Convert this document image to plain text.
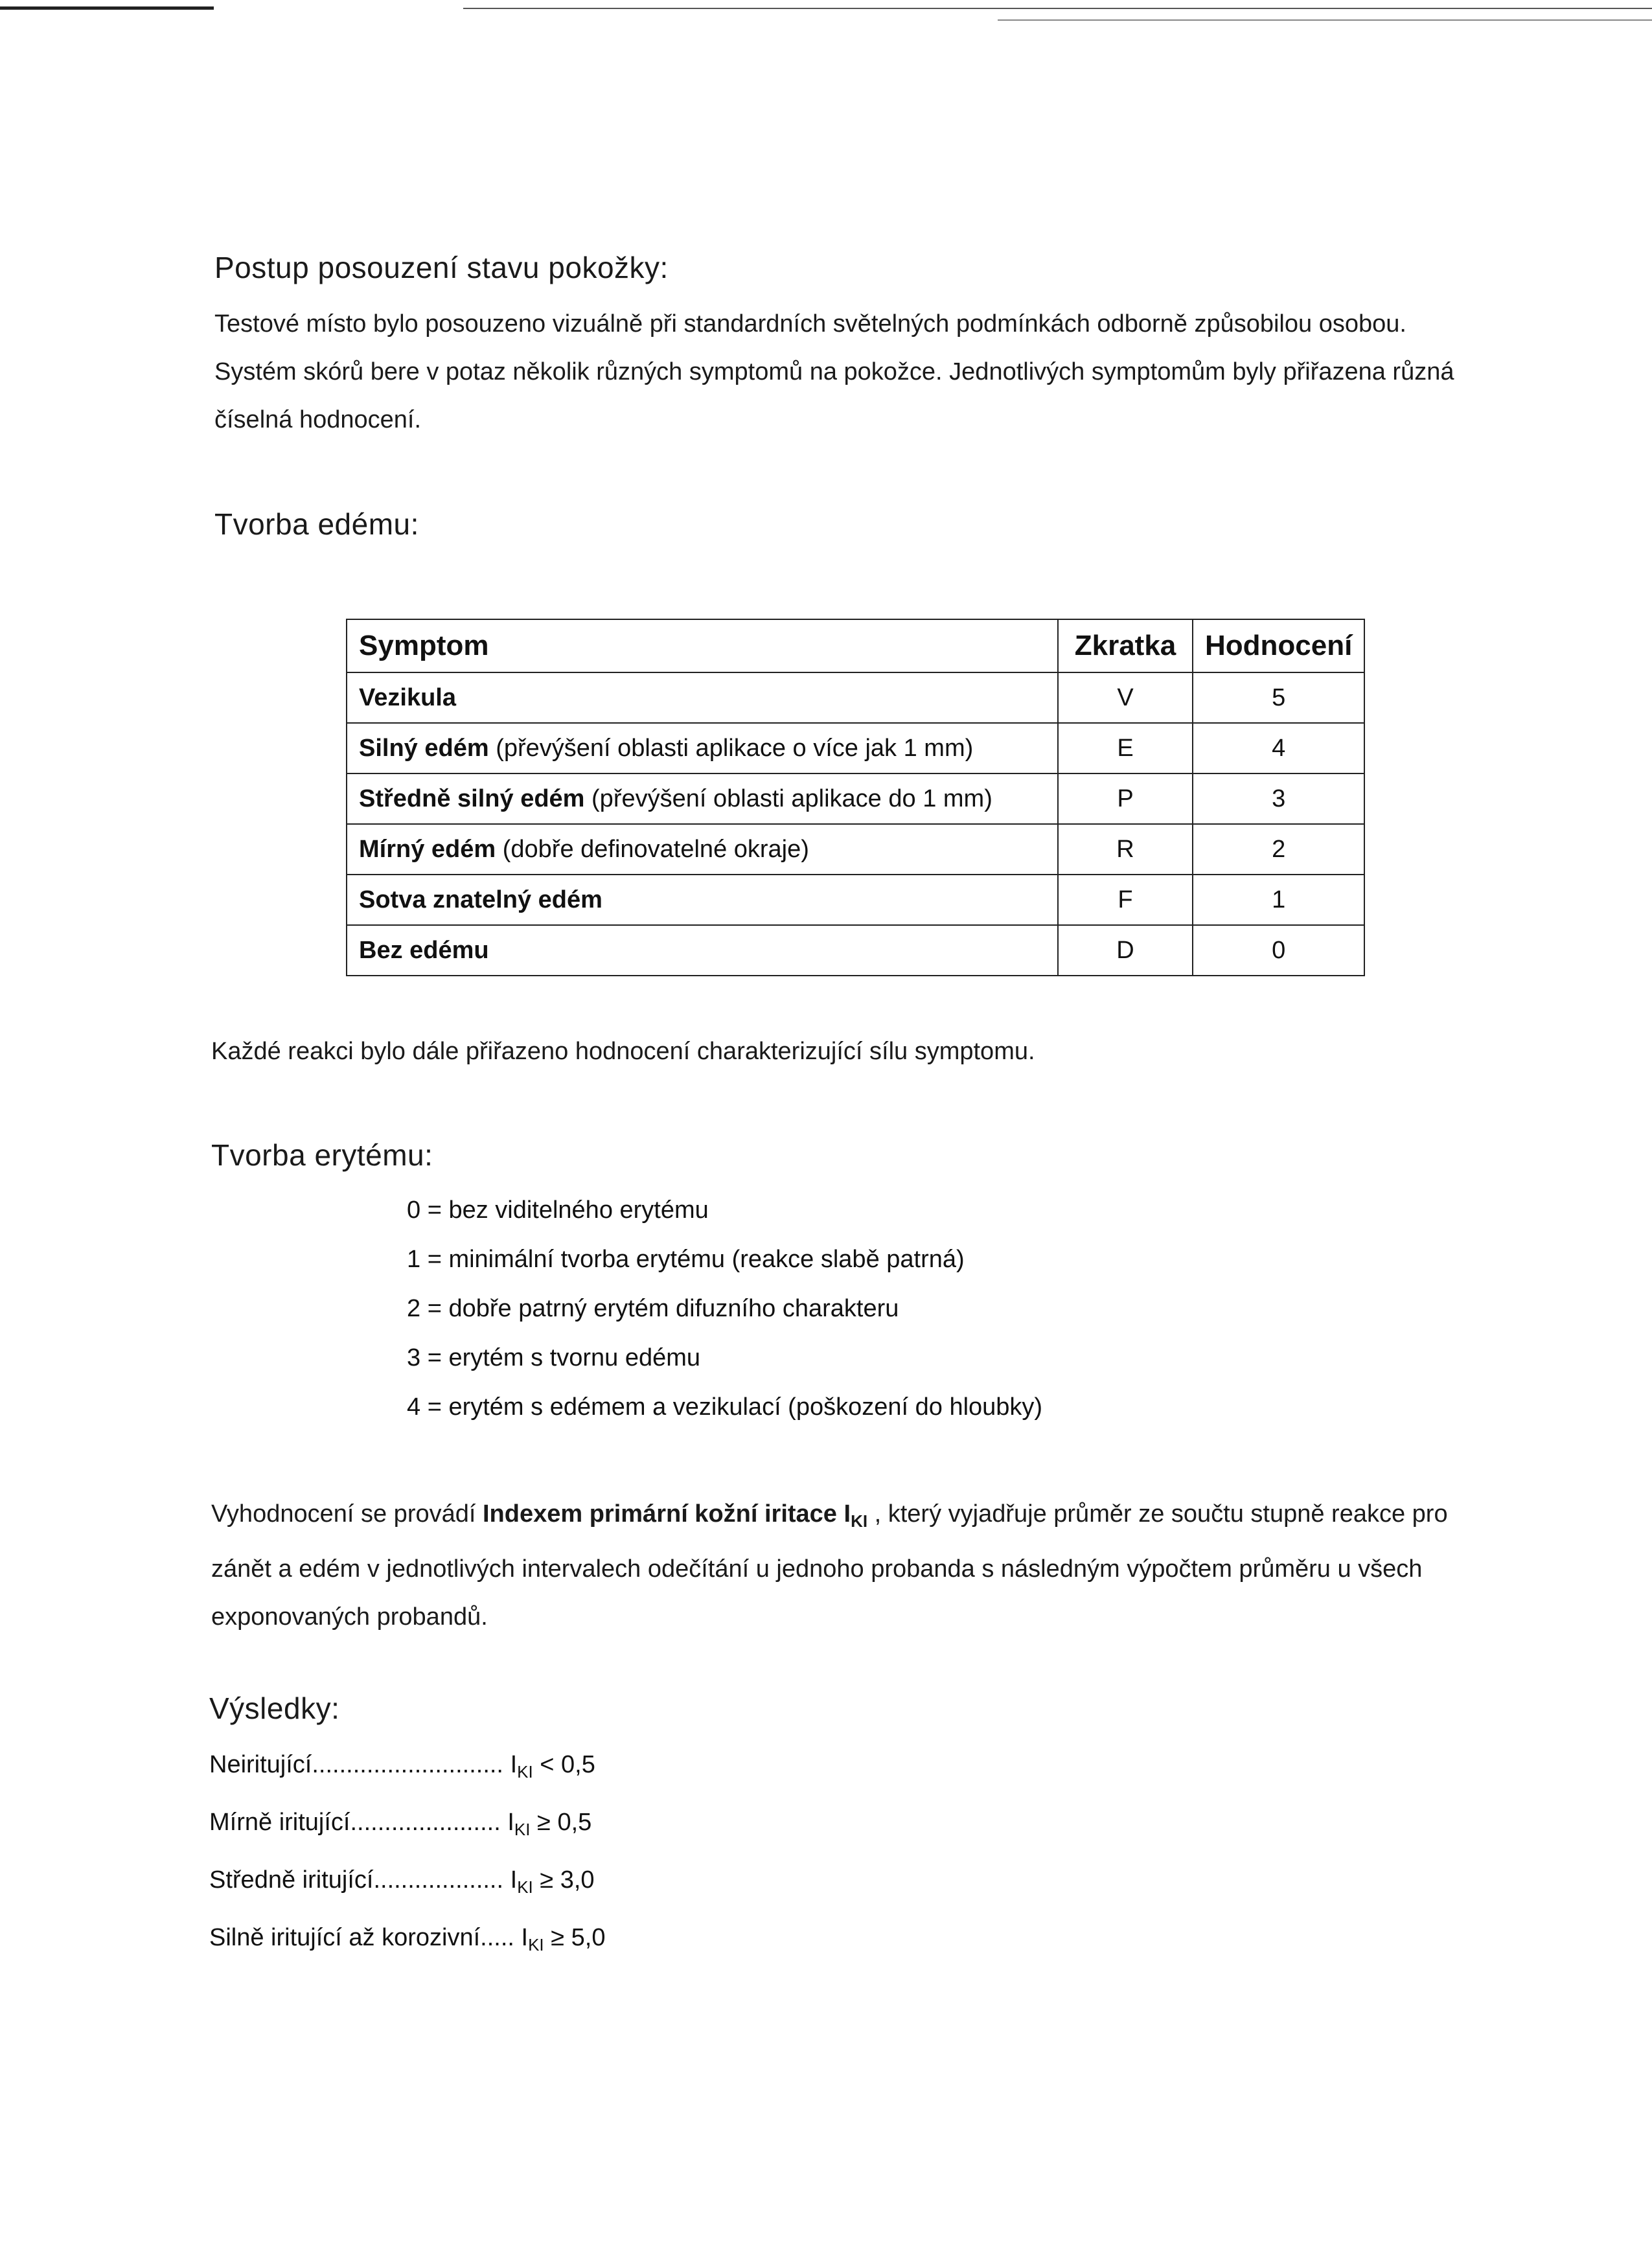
Postup posouzení stavu pokožky:

Testové místo bylo posouzeno vizuálně při standardních světelných podmínkách odborně způsobilou osobou.

Systém skórů bere v potaz několik různých symptomů na pokožce. Jednotlivých symptomům byly přiřazena různá

číselná hodnocení.

Tvorba edému:
Symptom	Zkratka	Hodnocení
Vezikula	V	5
Silný edém (převýšení oblasti aplikace o více jak 1 mm)	E	4
Středně silný edém (převýšení oblasti aplikace do 1 mm)	P	3
Mírný edém (dobře definovatelné okraje)	R	2
Sotva znatelný edém	F	1
Bez edému	D	0
Každé reakci bylo dále přiřazeno hodnocení charakterizující sílu symptomu.
Tvorba erytému:
0 = bez viditelného erytému
1 = minimální tvorba erytému (reakce slabě patrná)
2 = dobře patrný erytém difuzního charakteru
3 = erytém s tvornu edému
4 = erytém s edémem a vezikulací (poškození do hloubky)

Vyhodnocení se provádí Indexem primární kožní iritace $I_{KI}$ , který vyjadřuje průměr ze součtu stupně reakce pro

zánět a edém v jednotlivých intervalech odečítání u jednoho probanda s následným výpočtem průměru u všech

exponovaných probandů.

Výsledky:
Neiritující............................ $I_{KI} < 0,5$
Mírně iritující...................... $I_{KI} \ge 0,5$
Středně iritující................... $I_{KI} \ge 3,0$
Silně iritující až korozivní..... $I_{KI} \ge 5,0$
